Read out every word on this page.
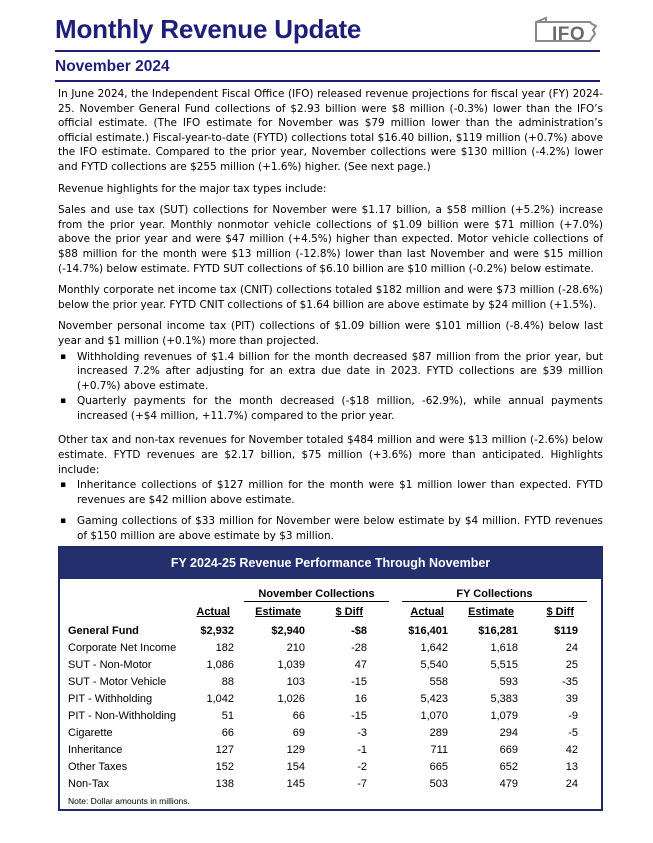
Monthly Revenue Update	IFO
November 2024

In June 2024, the Independent Fiscal Office (IFO) released revenue projections for fiscal year (FY) 2024-25. November General Fund collections of $2.93 billion were $8 million (-0.3%) lower than the IFO’s official estimate. (The IFO estimate for November was $79 million lower than the administration’s official estimate.) Fiscal-year-to-date (FYTD) collections total $16.40 billion, $119 million (+0.7%) above the IFO estimate. Compared to the prior year, November collections were $130 million (-4.2%) lower and FYTD collections are $255 million (+1.6%) higher. (See next page.)

Revenue highlights for the major tax types include:

Sales and use tax (SUT) collections for November were $1.17 billion, a $58 million (+5.2%) increase from the prior year. Monthly nonmotor vehicle collections of $1.09 billion were $71 million (+7.0%) above the prior year and were $47 million (+4.5%) higher than expected. Motor vehicle collections of $88 million for the month were $13 million (-12.8%) lower than last November and were $15 million (-14.7%) below estimate. FYTD SUT collections of $6.10 billion are $10 million (-0.2%) below estimate.

Monthly corporate net income tax (CNIT) collections totaled $182 million and were $73 million (-28.6%) below the prior year. FYTD CNIT collections of $1.64 billion are above estimate by $24 million (+1.5%).

November personal income tax (PIT) collections of $1.09 billion were $101 million (-8.4%) below last year and $1 million (+0.1%) more than projected.

▪ Withholding revenues of $1.4 billion for the month decreased $87 million from the prior year, but increased 7.2% after adjusting for an extra due date in 2023. FYTD collections are $39 million (+0.7%) above estimate.
▪ Quarterly payments for the month decreased (-$18 million, -62.9%), while annual payments increased (+$4 million, +11.7%) compared to the prior year.

Other tax and non-tax revenues for November totaled $484 million and were $13 million (-2.6%) below estimate. FYTD revenues are $2.17 billion, $75 million (+3.6%) more than anticipated. Highlights include:

▪ Inheritance collections of $127 million for the month were $1 million lower than expected. FYTD revenues are $42 million above estimate.
▪ Gaming collections of $33 million for November were below estimate by $4 million. FYTD revenues of $150 million are above estimate by $3 million.
FY 2024-25 Revenue Performance Through November
November Collections	FY Collections
Actual Estimate	$ Diff	Actual Estimate	$ Diff
General Fund	$2,932	$2,940	-$8	$16,401	$16,281	$119
Corporate Net Income	182	210	-28	1,642	1,618	24
SUT - Non-Motor	1,086	1,039	47	5,540	5,515	25
SUT - Motor Vehicle	88	103	-15	558	593	-35
PIT - Withholding	1,042	1,026	16	5,423	5,383	39
PIT - Non-Withholding	51	66	-15	1,070	1,079	-9
Cigarette	66	69	-3	289	294	-5
Inheritance	127	129	-1	711	669	42
Other Taxes	152	154	-2	665	652	13
Non-Tax	138	145	-7	503	479	24
Note: Dollar amounts in millions.
